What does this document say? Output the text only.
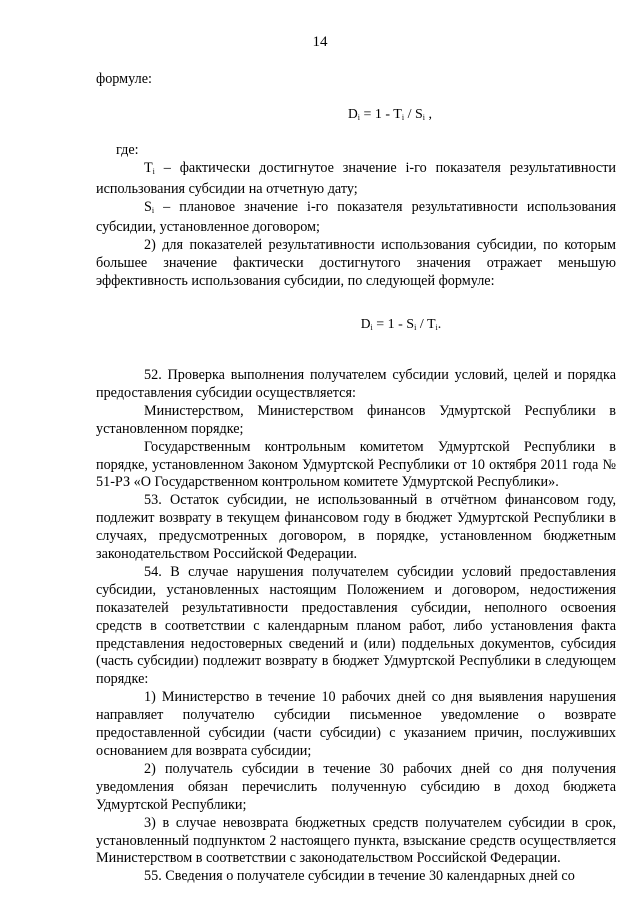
14

формуле:

$D_i = 1 - T_i / S_i$ ,

где:

$T_i$ – фактически достигнутое значение i-го показателя результативности использования субсидии на отчетную дату;

$S_i$ – плановое значение i-го показателя результативности использования субсидии, установленное договором;

2) для показателей результативности использования субсидии, по которым большее значение фактически достигнутого значения отражает меньшую эффективность использования субсидии, по следующей формуле:

$D_i = 1 - S_i / T_i$.

52. Проверка выполнения получателем субсидии условий, целей и порядка предоставления субсидии осуществляется:

Министерством, Министерством финансов Удмуртской Республики в установленном порядке;

Государственным контрольным комитетом Удмуртской Республики в порядке, установленном Законом Удмуртской Республики от 10 октября 2011 года № 51-РЗ «О Государственном контрольном комитете Удмуртской Республики».

53. Остаток субсидии, не использованный в отчётном финансовом году, подлежит возврату в текущем финансовом году в бюджет Удмуртской Республики в случаях, предусмотренных договором, в порядке, установленном бюджетным законодательством Российской Федерации.

54. В случае нарушения получателем субсидии условий предоставления субсидии, установленных настоящим Положением и договором, недостижения показателей результативности предоставления субсидии, неполного освоения средств в соответствии с календарным планом работ, либо установления факта представления недостоверных сведений и (или) поддельных документов, субсидия (часть субсидии) подлежит возврату в бюджет Удмуртской Республики в следующем порядке:

1) Министерство в течение 10 рабочих дней со дня выявления нарушения направляет получателю субсидии письменное уведомление о возврате предоставленной субсидии (части субсидии) с указанием причин, послуживших основанием для возврата субсидии;

2) получатель субсидии в течение 30 рабочих дней со дня получения уведомления обязан перечислить полученную субсидию в доход бюджета Удмуртской Республики;

3) в случае невозврата бюджетных средств получателем субсидии в срок, установленный подпунктом 2 настоящего пункта, взыскание средств осуществляется Министерством в соответствии с законодательством Российской Федерации.

55. Сведения о получателе субсидии в течение 30 календарных дней со
